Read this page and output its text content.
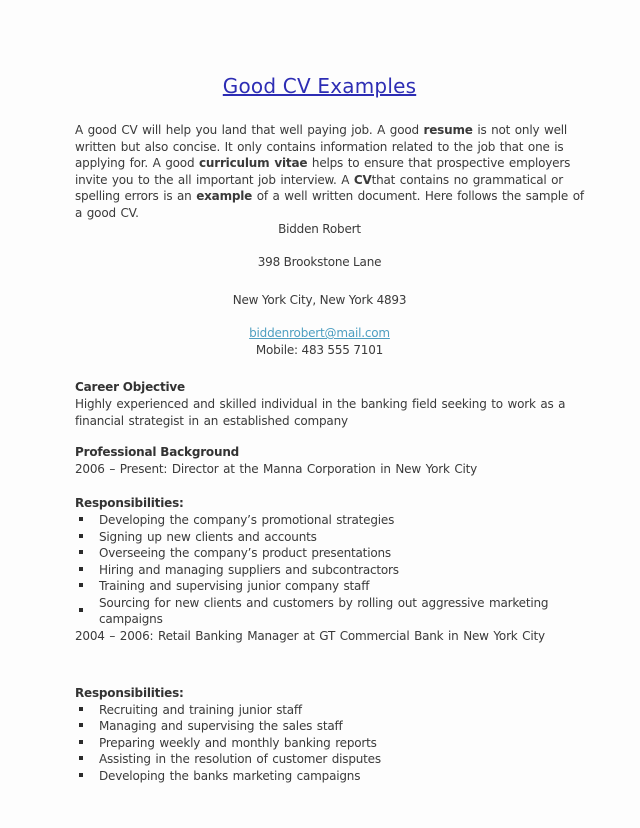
Good CV Examples

A good CV will help you land that well paying job. A good resume is not only well written but also concise. It only contains information related to the job that one is applying for. A good curriculum vitae helps to ensure that prospective employers invite you to the all important job interview. A CVthat contains no grammatical or spelling errors is an example of a well written document. Here follows the sample of a good CV.

Bidden Robert
398 Brookstone Lane
New York City, New York 4893
biddenrobert@mail.com
Mobile: 483 555 7101
Career Objective

Highly experienced and skilled individual in the banking field seeking to work as a financial strategist in an established company

Professional Background

2006 – Present: Director at the Manna Corporation in New York City

Responsibilities:
Developing the company’s promotional strategies
Signing up new clients and accounts
Overseeing the company’s product presentations
Hiring and managing suppliers and subcontractors
Training and supervising junior company staff
Sourcing for new clients and customers by rolling out aggressive marketing campaigns

2004 – 2006: Retail Banking Manager at GT Commercial Bank in New York City

Responsibilities:
Recruiting and training junior staff
Managing and supervising the sales staff
Preparing weekly and monthly banking reports
Assisting in the resolution of customer disputes
Developing the banks marketing campaigns
